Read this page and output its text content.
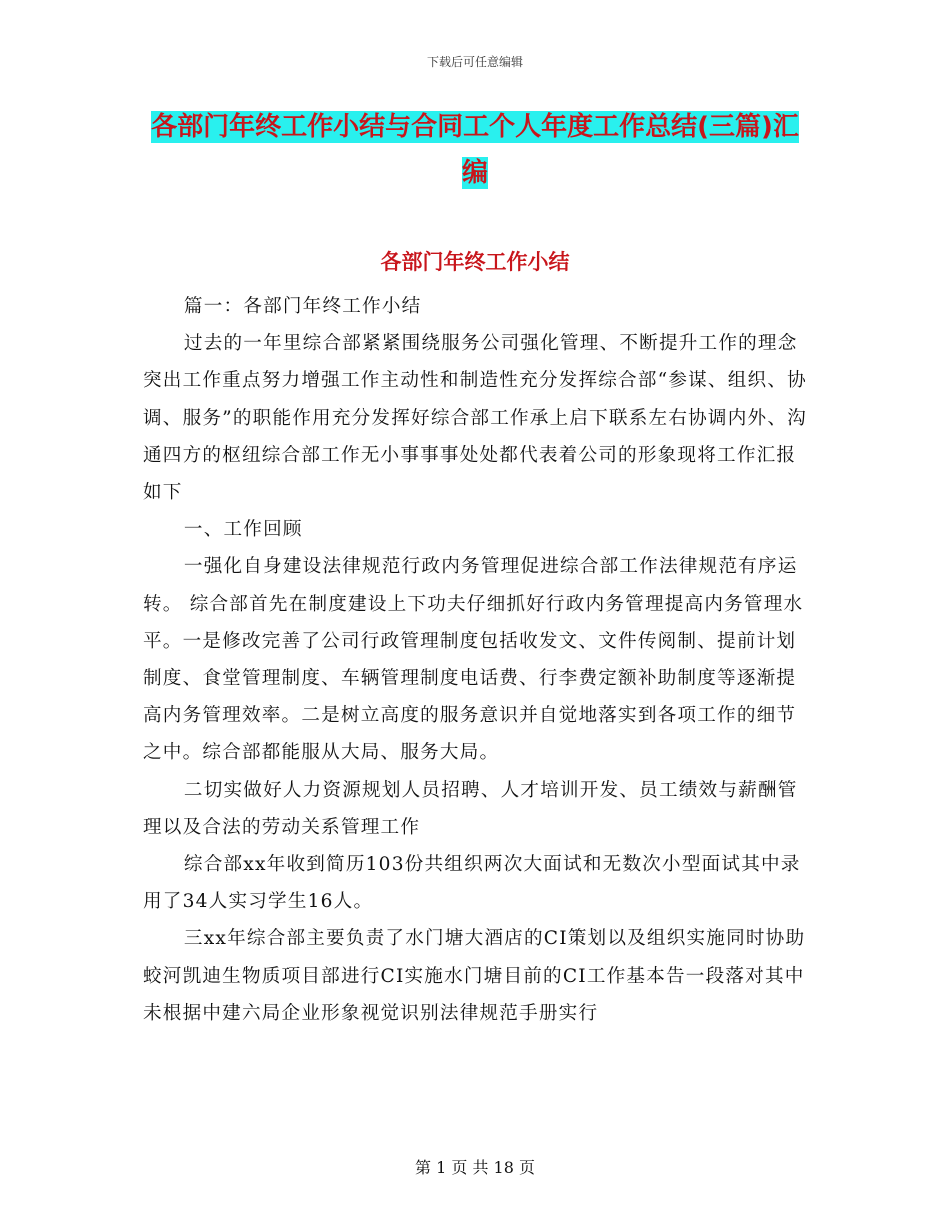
下载后可任意编辑
各部门年终工作小结与合同工个人年度工作总结(三篇)汇编
各部门年终工作小结

篇一：各部门年终工作小结

过去的一年里综合部紧紧围绕服务公司强化管理、不断提升工作的理念突出工作重点努力增强工作主动性和制造性充分发挥综合部“参谋、组织、协调、服务”的职能作用充分发挥好综合部工作承上启下联系左右协调内外、沟通四方的枢纽综合部工作无小事事事处处都代表着公司的形象现将工作汇报如下

一、工作回顾

一强化自身建设法律规范行政内务管理促进综合部工作法律规范有序运转。 综合部首先在制度建设上下功夫仔细抓好行政内务管理提高内务管理水平。一是修改完善了公司行政管理制度包括收发文、文件传阅制、提前计划制度、食堂管理制度、车辆管理制度电话费、行李费定额补助制度等逐渐提高内务管理效率。二是树立高度的服务意识并自觉地落实到各项工作的细节之中。综合部都能服从大局、服务大局。

二切实做好人力资源规划人员招聘、人才培训开发、员工绩效与薪酬管理以及合法的劳动关系管理工作

综合部xx年收到简历103份共组织两次大面试和无数次小型面试其中录用了34人实习学生16人。

三xx年综合部主要负责了水门塘大酒店的CI策划以及组织实施同时协助蛟河凯迪生物质项目部进行CI实施水门塘目前的CI工作基本告一段落对其中未根据中建六局企业形象视觉识别法律规范手册实行

第 1 页 共 18 页
